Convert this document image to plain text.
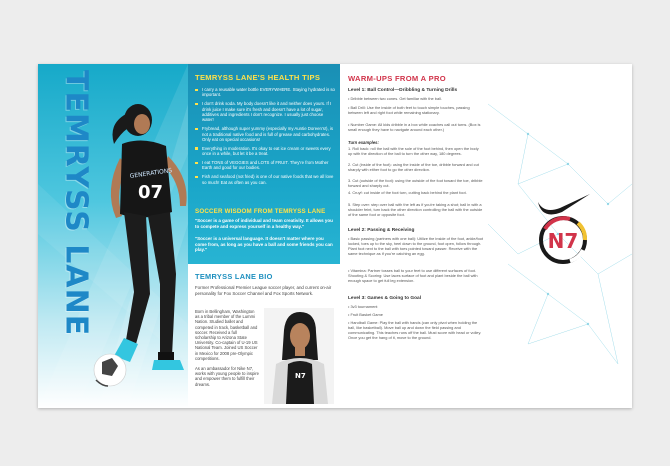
GENERATIONS
07
TEMRYSS LANE	TEMRYSS LANE'S HEALTH TIPS
I carry a reusable water bottle EVERYWHERE. Staying hydrated is so important.
I don't drink soda. My body doesn't like it and neither does yours. If I drink juice I make sure it's fresh and doesn't have a lot of sugar, additives and ingredients I don't recognize. I usually just choose water!
Frybread, although super yummy (especially my Auntie Doreen's!), is not a traditional native food and is full of grease and carbohydrates. Only eat on special occasions!
Everything in moderation. It's okay to eat ice cream or sweets every once in a while, but let it be a treat.
I eat TONS of VEGGIES and LOTS of FRUIT. They're from Mother Earth and good for our bodies.
Fish and seafood (not fried) is one of our native foods that we all love so much! Eat as often as you can.
SOCCER WISDOM FROM TEMRYSS LANE
"Soccer is a game of individual and team creativity. It allows you to compete and express yourself in a healthy way."
"Soccer is a universal language. It doesn't matter where you come from, as long as you have a ball and some friends you can play."
TEMRYSS LANE BIO
Former Professional Premier League soccer player, and current on-air personality for Fox Soccer Channel and Fox Sports Network.

Born in Bellingham, Washington as a tribal member of the Lummi Nation. Studied ballet and competed in track, basketball and soccer. Received a full scholarship to Arizona State University. Co-captain of U-19 US National Team. Joined US Soccer in Mexico for 2008 pre-Olympic competitions.

As an ambassador for Nike N7, works with young people to inspire and empower them to fulfill their dreams.

N7
WARM-UPS FROM A PRO
Level 1: Ball Control—Dribbling & Turning Drills
• Dribble between two cones. Get familiar with the ball.
• Ball Drill: Use the inside of both feet to touch simple touches, passing between left and right foot while remaining stationary.
• Number Game: All kids dribble in a box while coaches call out turns. (Box is small enough they have to navigate around each other.)
Turn examples:
1. Roll back: roll the ball with the sole of the foot behind, then open the body up with the direction of the ball to turn the other way, 180 degrees.
2. Cut (inside of the foot): using the inside of the toe, dribble forward and cut sharply with either foot to go the other direction.
3. Cut (outside of the foot): using the outside of the foot toward the toe, dribble forward and sharply cut.
4. Cruyf: cut inside of the foot turn, cutting back behind the plant foot.
5. Step over: step over ball with the left as if you're taking a shot; ball in with a shoulder feint, turn back the other direction controlling the ball with the outside of the same foot or opposite foot.
Level 2: Passing & Receiving
• Basic passing (partners with one ball): Utilize the inside of the foot, ankle/foot locked, toes up to the sky, heel down to the ground, foot open, follow through. Plant foot next to the ball with toes pointed toward passer. Receive with the same technique as if you're catching an egg.
• Vitamina: Partner tosses ball to your feet to use different surfaces of foot. Shooting & Scoring: Use laces surface of foot and plant beside the ball with enough space to get full leg extension.
Level 3: Games & Going to Goal
• 3v3 tournament
• Fruit Basket Game
• Handball Game: Play the ball with hands (can only pivot when holding the ball, like basketball). Move ball up and down the field passing and communicating. This teaches runs off the ball. Must score with head or volley. Once you get the hang of it, move to the ground.
N7
